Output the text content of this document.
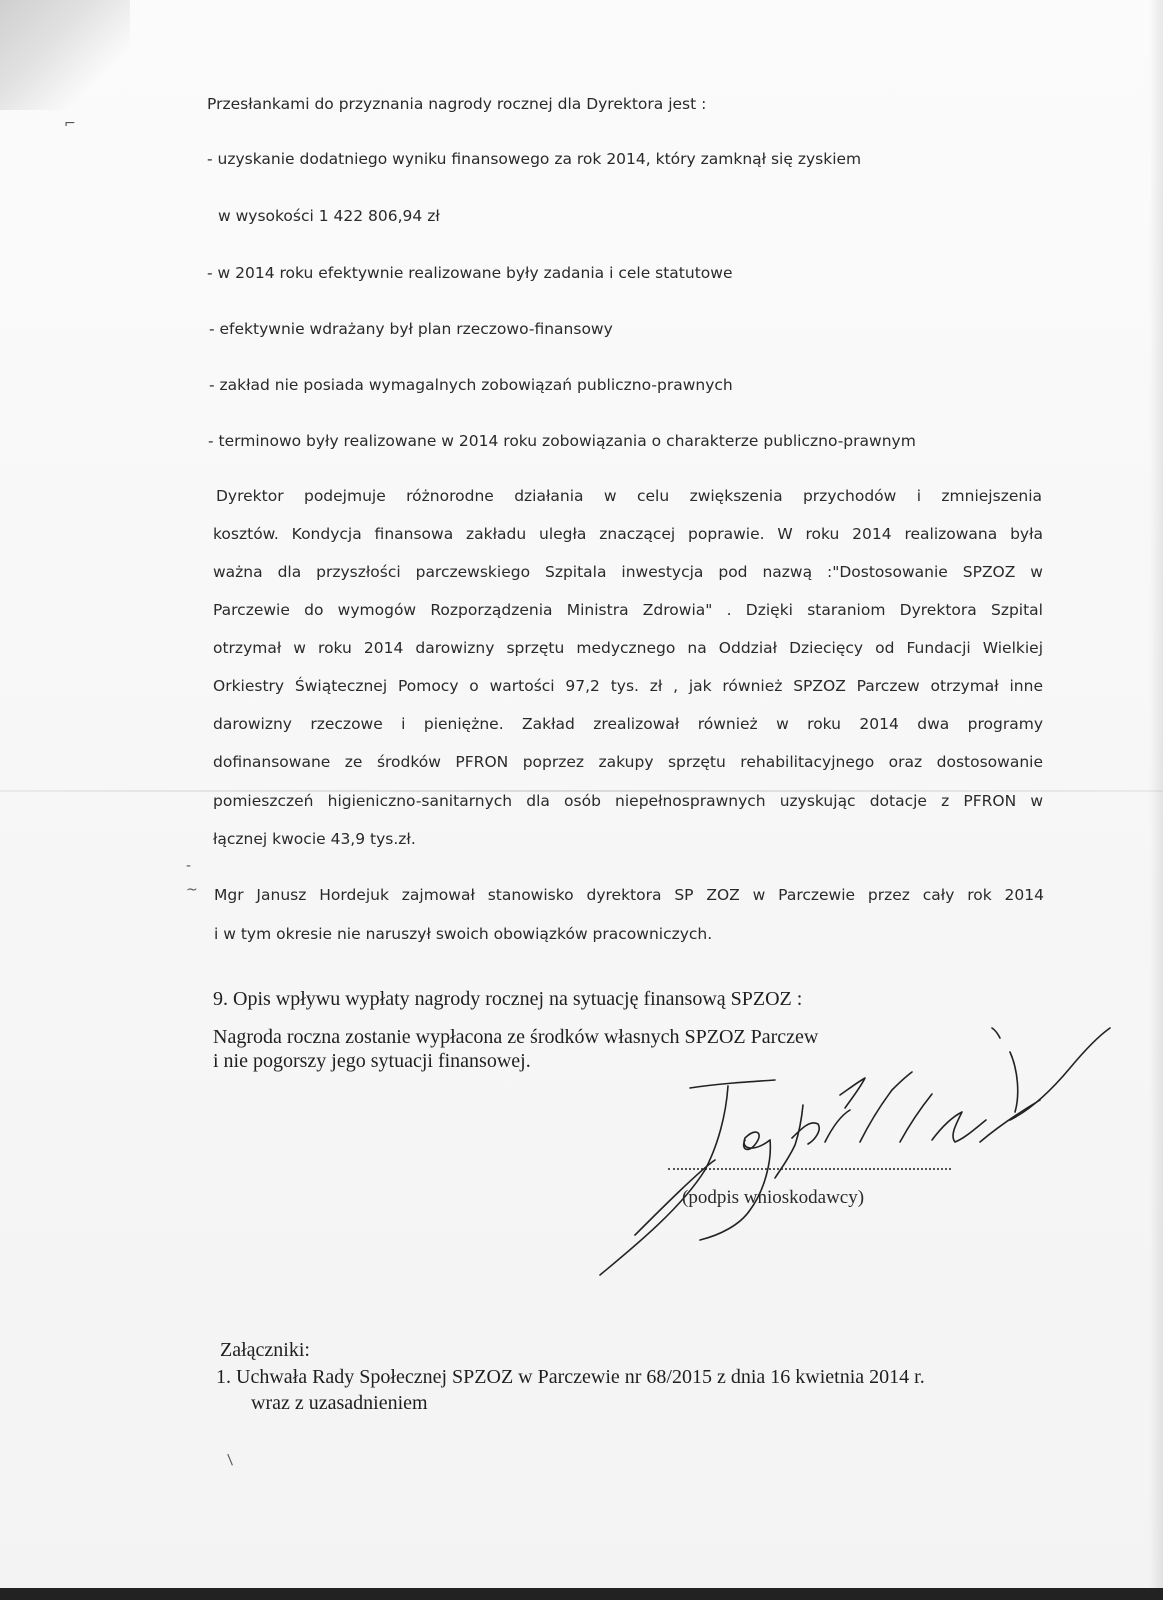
Przesłankami do przyznania nagrody rocznej dla Dyrektora jest :
- uzyskanie dodatniego wyniku finansowego za rok 2014, który zamknął się zyskiem
w wysokości 1 422 806,94 zł
- w 2014 roku efektywnie realizowane były zadania i cele statutowe
- efektywnie wdrażany był plan rzeczowo-finansowy
- zakład nie posiada wymagalnych zobowiązań publiczno-prawnych
- terminowo były realizowane w 2014 roku zobowiązania o charakterze publiczno-prawnym
Dyrektor podejmuje różnorodne działania w celu zwiększenia przychodów i zmniejszenia
kosztów. Kondycja finansowa zakładu uległa znaczącej poprawie. W roku 2014 realizowana była
ważna dla przyszłości parczewskiego Szpitala inwestycja pod nazwą :"Dostosowanie SPZOZ w
Parczewie do wymogów Rozporządzenia Ministra Zdrowia" . Dzięki staraniom Dyrektora Szpital
otrzymał w roku 2014 darowizny sprzętu medycznego na Oddział Dziecięcy od Fundacji Wielkiej
Orkiestry Świątecznej Pomocy o wartości 97,2 tys. zł , jak również SPZOZ Parczew otrzymał inne
darowizny rzeczowe i pieniężne. Zakład zrealizował również w roku 2014 dwa programy
dofinansowane ze środków PFRON poprzez zakupy sprzętu rehabilitacyjnego oraz dostosowanie
pomieszczeń higieniczno-sanitarnych dla osób niepełnosprawnych uzyskując dotacje z PFRON w
łącznej kwocie 43,9 tys.zł.
Mgr Janusz Hordejuk zajmował stanowisko dyrektora SP ZOZ w Parczewie przez cały rok 2014
i w tym okresie nie naruszył swoich obowiązków pracowniczych.
9. Opis wpływu wypłaty nagrody rocznej na sytuację finansową SPZOZ :
Nagroda roczna zostanie wypłacona ze środków własnych SPZOZ Parczew
i nie pogorszy jego sytuacji finansowej.
(podpis wnioskodawcy)
Załączniki:
1. Uchwała Rady Społecznej SPZOZ w Parczewie nr 68/2015 z dnia 16 kwietnia 2014 r.
wraz z uzasadnieniem
⌐
-
~
/
